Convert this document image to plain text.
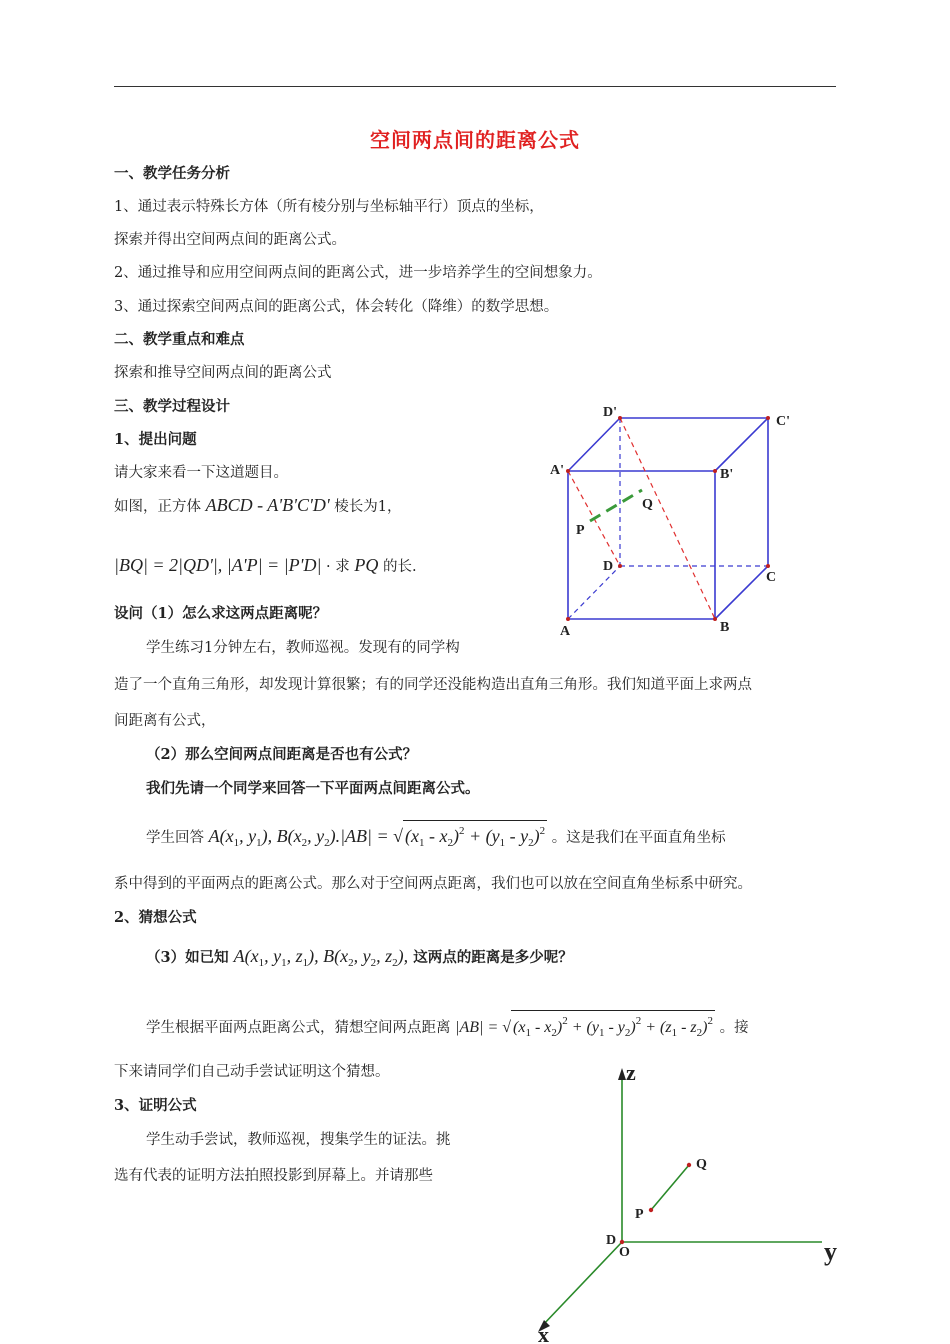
空间两点间的距离公式
一、教学任务分析
1、通过表示特殊长方体（所有棱分别与坐标轴平行）顶点的坐标，
探索并得出空间两点间的距离公式。
2、通过推导和应用空间两点间的距离公式，进一步培养学生的空间想象力。
3、通过探索空间两点间的距离公式，体会转化（降维）的数学思想。
二、教学重点和难点
探索和推导空间两点间的距离公式
三、教学过程设计
1、提出问题
请大家来看一下这道题目。
如图，正方体 ABCD - A'B'C'D' 棱长为1，
|BQ| = 2|QD'|, |A'P| = |P'D| · 求 PQ 的长.
设问（1）怎么求这两点距离呢？
学生练习1分钟左右，教师巡视。发现有的同学构
造了一个直角三角形，却发现计算很繁；有的同学还没能构造出直角三角形。我们知道平面上求两点
间距离有公式，
（2）那么空间两点间距离是否也有公式？
我们先请一个同学来回答一下平面两点间距离公式。
学生回答 $A(x_1$, $y_1$), $B(x_2$, $y_2).|AB|$ = √ $(x_1 - x_2)^2 + (y_1 - y_2)^2$ 。这是我们在平面直角坐标
系中得到的平面两点的距离公式。那么对于空间两点距离，我们也可以放在空间直角坐标系中研究。
2、猜想公式
（3）如已知 $A(x_1$, $y_1$, $z_1$), $B(x_2$, $y_2$, $z_2$), 这两点的距离是多少呢？
学生根据平面两点距离公式，猜想空间两点距离 |AB| = √ $(x_1 - x_2)^2 + (y_1 - y_2)^2 + (z_1 - z_2)^2$ 。接
下来请同学们自己动手尝试证明这个猜想。
3、证明公式
学生动手尝试，教师巡视，搜集学生的证法。挑
选有代表的证明方法拍照投影到屏幕上。并请那些
D'
C'
A'	B'
Q
P
D
C
A	B
z
y
x
D
O
P
Q
